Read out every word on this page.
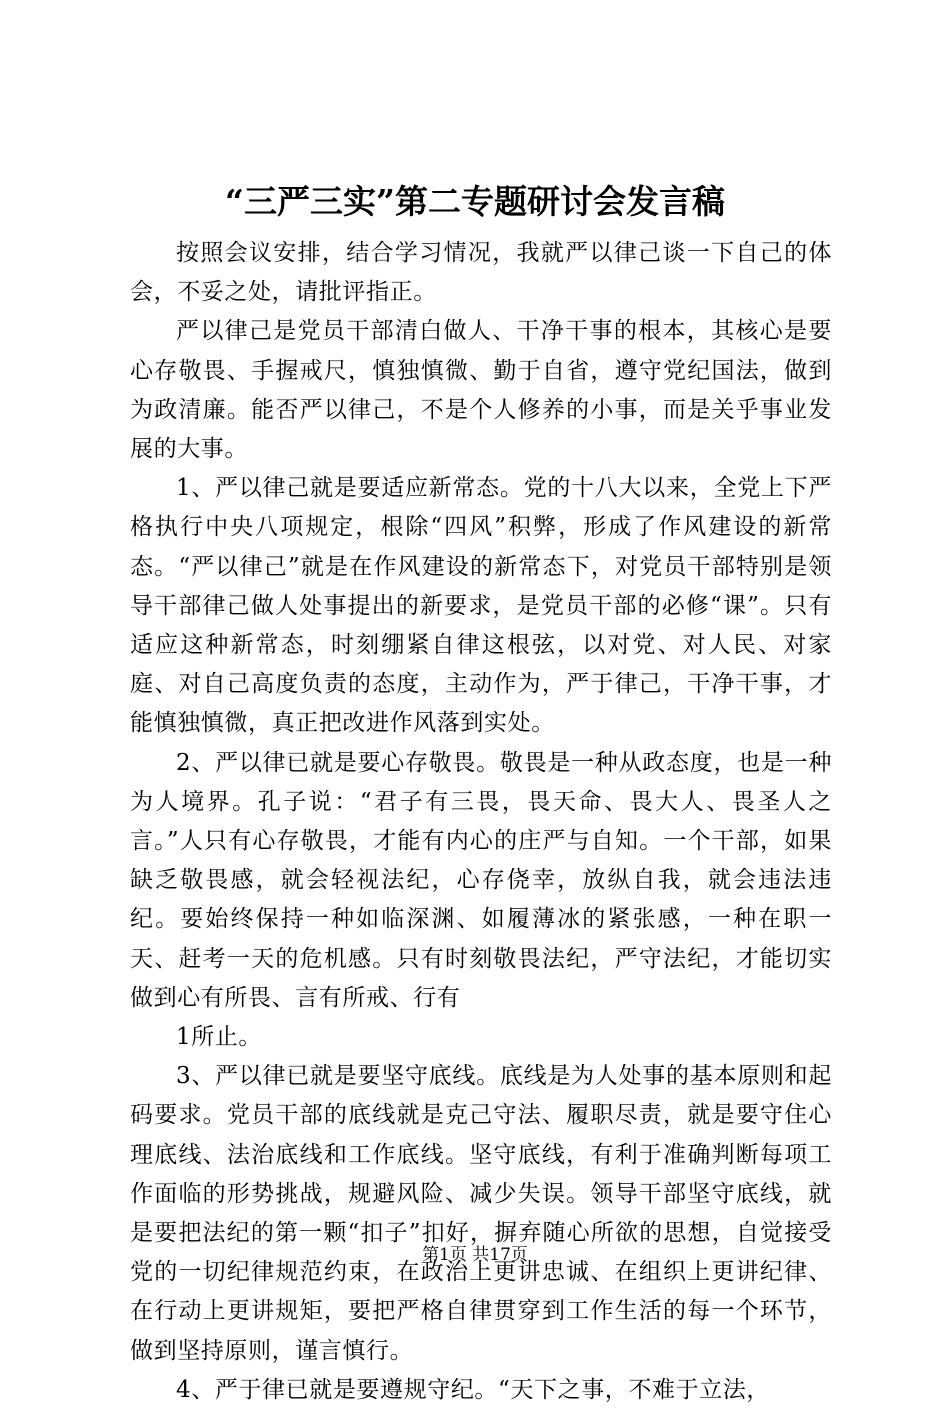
“三严三实”第二专题研讨会发言稿

按照会议安排，结合学习情况，我就严以律己谈一下自己的体会，不妥之处，请批评指正。

严以律己是党员干部清白做人、干净干事的根本，其核心是要心存敬畏、手握戒尺，慎独慎微、勤于自省，遵守党纪国法，做到为政清廉。能否严以律己，不是个人修养的小事，而是关乎事业发展的大事。

1、严以律己就是要适应新常态。党的十八大以来，全党上下严格执行中央八项规定，根除“四风”积弊，形成了作风建设的新常态。“严以律己”就是在作风建设的新常态下，对党员干部特别是领导干部律己做人处事提出的新要求，是党员干部的必修“课”。只有适应这种新常态，时刻绷紧自律这根弦，以对党、对人民、对家庭、对自己高度负责的态度，主动作为，严于律己，干净干事，才能慎独慎微，真正把改进作风落到实处。

2、严以律已就是要心存敬畏。敬畏是一种从政态度，也是一种为人境界。孔子说：“君子有三畏，畏天命、畏大人、畏圣人之言。”人只有心存敬畏，才能有内心的庄严与自知。一个干部，如果缺乏敬畏感，就会轻视法纪，心存侥幸，放纵自我，就会违法违纪。要始终保持一种如临深渊、如履薄冰的紧张感，一种在职一天、赶考一天的危机感。只有时刻敬畏法纪，严守法纪，才能切实做到心有所畏、言有所戒、行有

1所止。

3、严以律已就是要坚守底线。底线是为人处事的基本原则和起码要求。党员干部的底线就是克己守法、履职尽责，就是要守住心理底线、法治底线和工作底线。坚守底线，有利于准确判断每项工作面临的形势挑战，规避风险、减少失误。领导干部坚守底线，就是要把法纪的第一颗“扣子”扣好，摒弃随心所欲的思想，自觉接受党的一切纪律规范约束，在政治上更讲忠诚、在组织上更讲纪律、在行动上更讲规矩，要把严格自律贯穿到工作生活的每一个环节，做到坚持原则，谨言慎行。

4、严于律已就是要遵规守纪。“天下之事，不难于立法，

第1页 共17页
